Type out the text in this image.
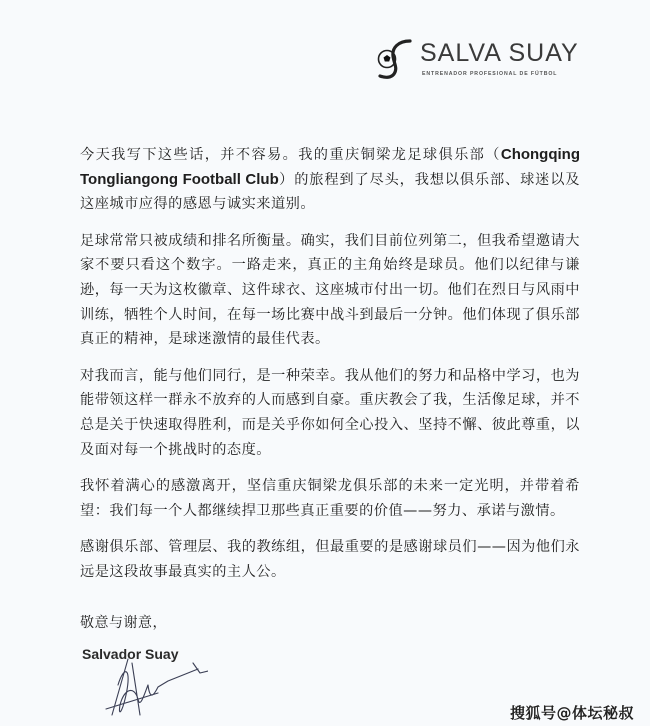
SALVA SUAY
ENTRENADOR PROFESIONAL DE FÚTBOL

今天我写下这些话，并不容易。我的重庆铜梁龙足球俱乐部（Chongqing Tongliangong Football Club）的旅程到了尽头，我想以俱乐部、球迷以及这座城市应得的感恩与诚实来道别。

足球常常只被成绩和排名所衡量。确实，我们目前位列第二，但我希望邀请大家不要只看这个数字。一路走来，真正的主角始终是球员。他们以纪律与谦逊，每一天为这枚徽章、这件球衣、这座城市付出一切。他们在烈日与风雨中训练，牺牲个人时间，在每一场比赛中战斗到最后一分钟。他们体现了俱乐部真正的精神，是球迷激情的最佳代表。

对我而言，能与他们同行，是一种荣幸。我从他们的努力和品格中学习，也为能带领这样一群永不放弃的人而感到自豪。重庆教会了我，生活像足球，并不总是关于快速取得胜利，而是关乎你如何全心投入、坚持不懈、彼此尊重，以及面对每一个挑战时的态度。

我怀着满心的感激离开，坚信重庆铜梁龙俱乐部的未来一定光明，并带着希望：我们每一个人都继续捍卫那些真正重要的价值——努力、承诺与激情。

感谢俱乐部、管理层、我的教练组，但最重要的是感谢球员们——因为他们永远是这段故事最真实的主人公。

敬意与谢意，
Salvador Suay
搜狐号@体坛秘叔
